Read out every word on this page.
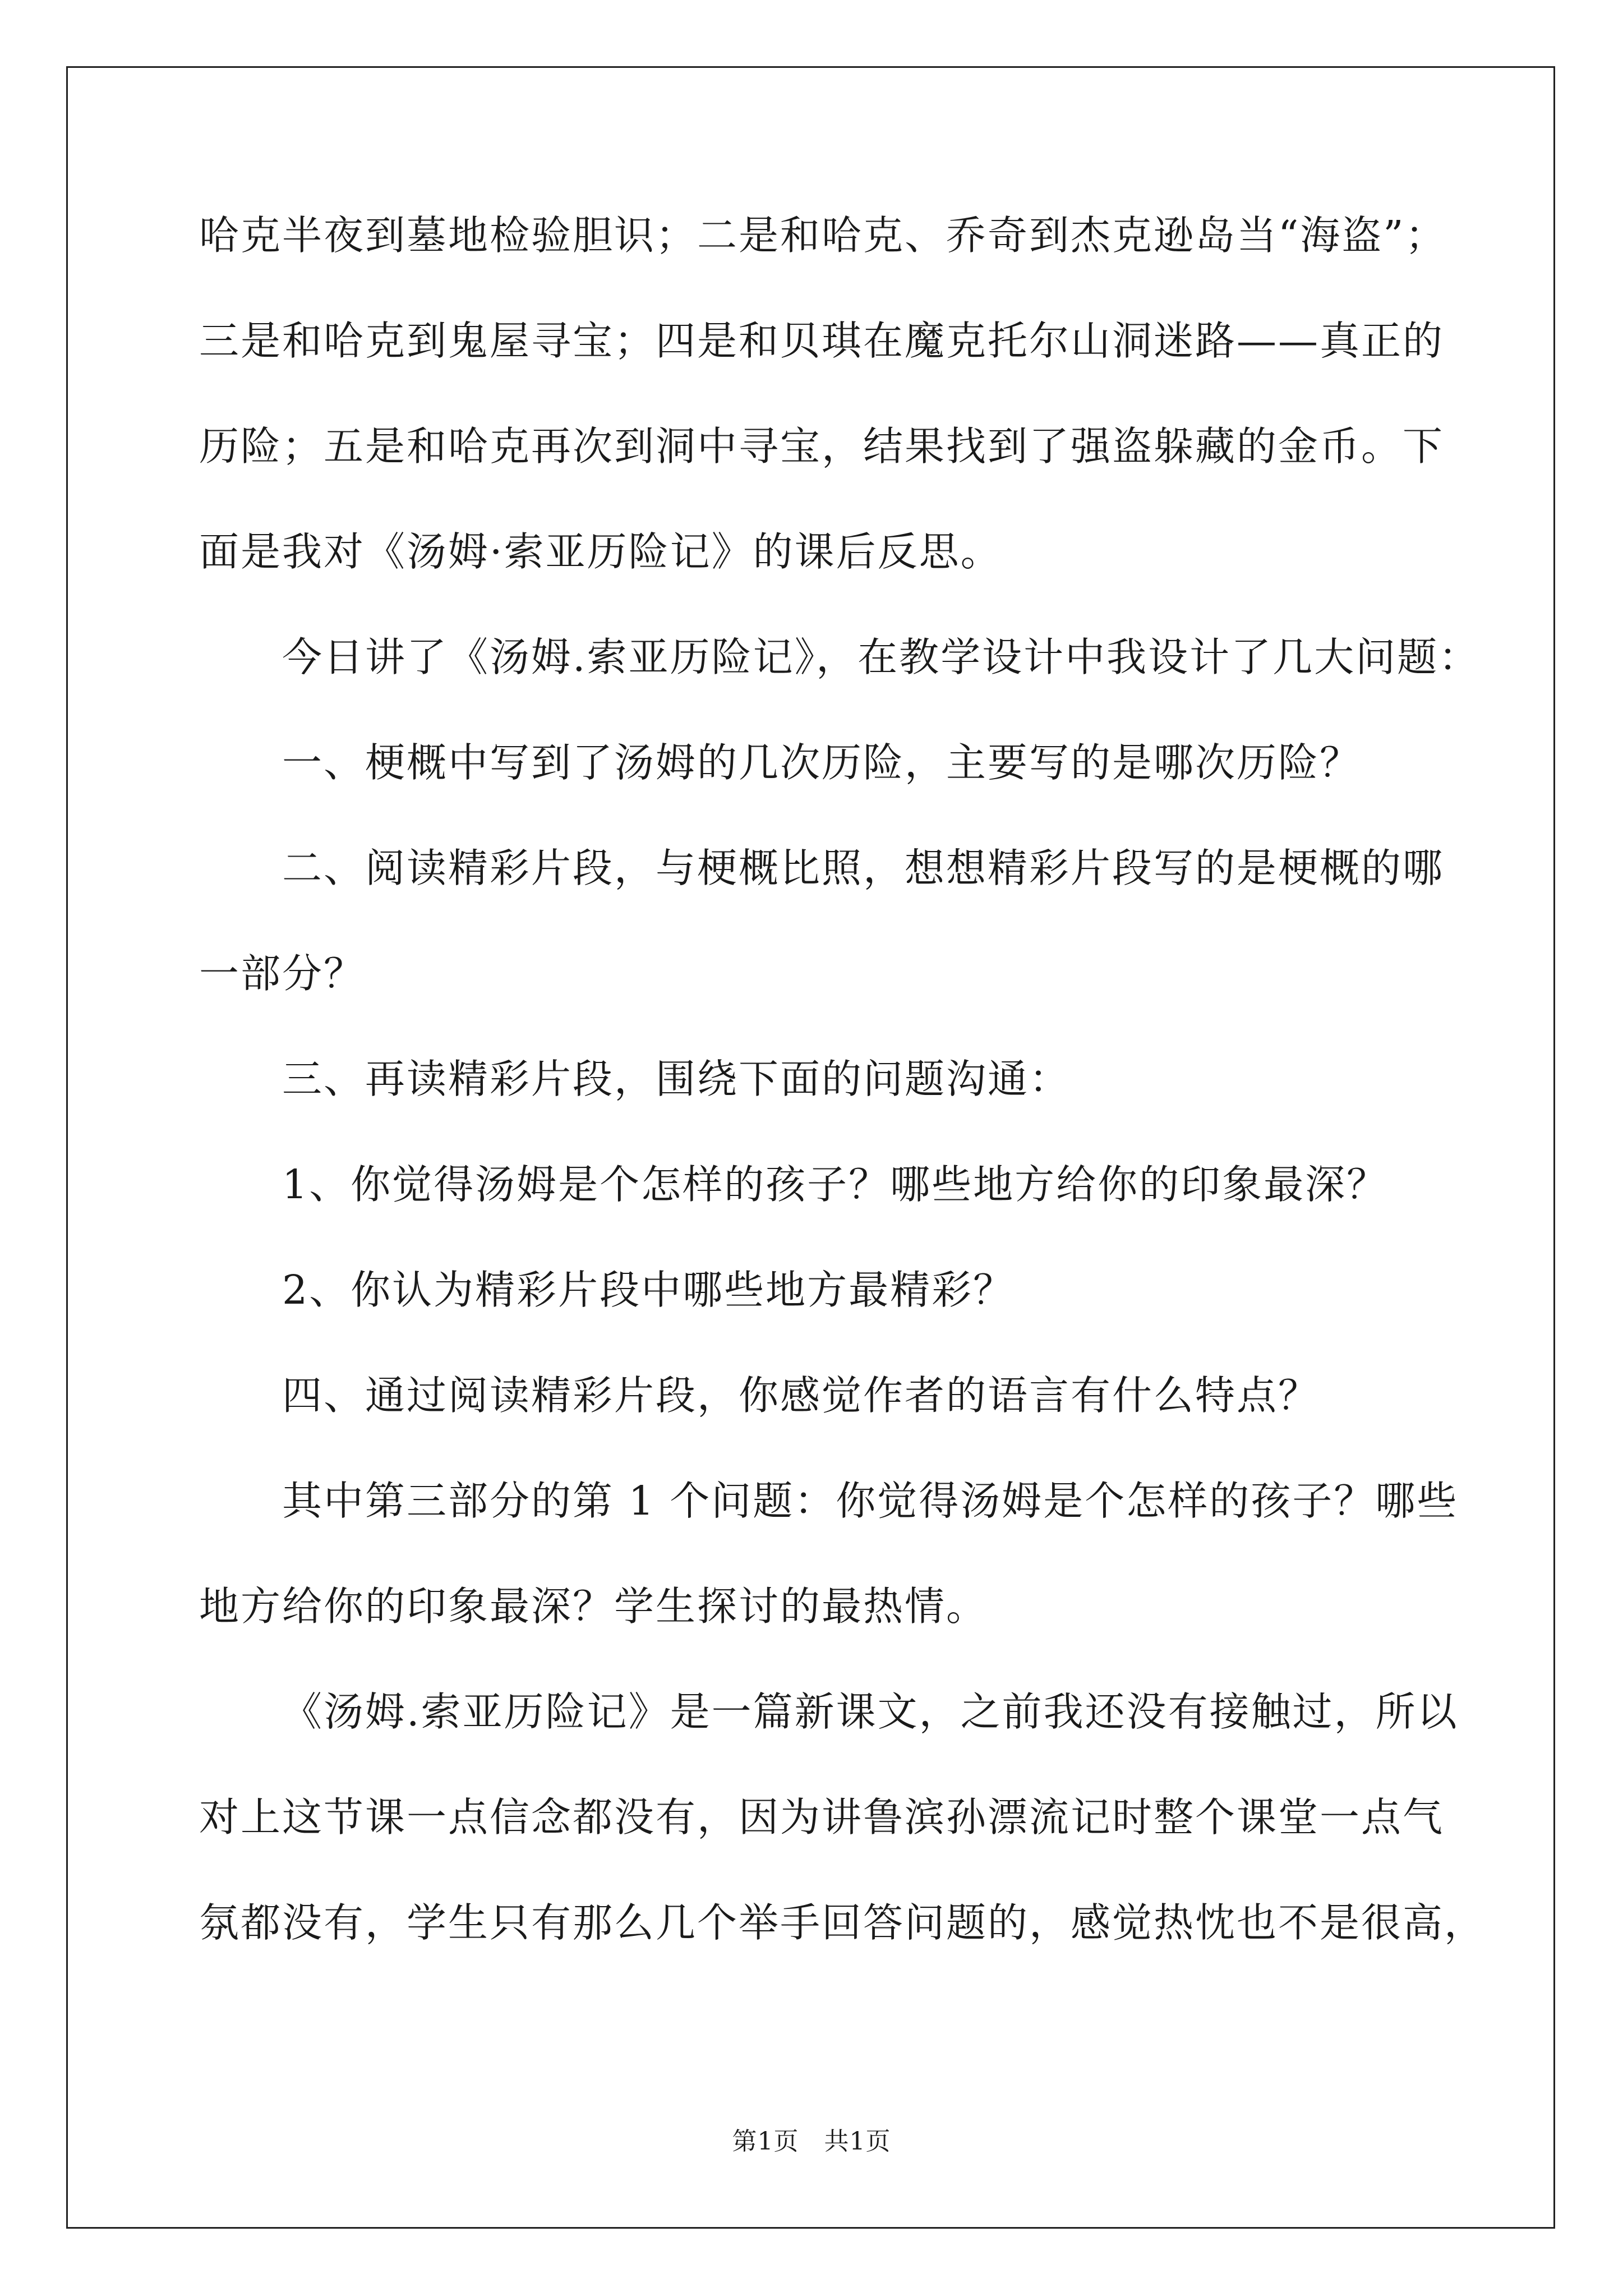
哈克半夜到墓地检验胆识；二是和哈克、乔奇到杰克逊岛当“海盗”；
三是和哈克到鬼屋寻宝；四是和贝琪在魔克托尔山洞迷路——真正的
历险；五是和哈克再次到洞中寻宝，结果找到了强盗躲藏的金币。下
面是我对《汤姆·索亚历险记》的课后反思。
今日讲了《汤姆.索亚历险记》，在教学设计中我设计了几大问题：
一、梗概中写到了汤姆的几次历险，主要写的是哪次历险？
二、阅读精彩片段，与梗概比照，想想精彩片段写的是梗概的哪
一部分？
三、再读精彩片段，围绕下面的问题沟通：
1、你觉得汤姆是个怎样的孩子？哪些地方给你的印象最深？
2、你认为精彩片段中哪些地方最精彩？
四、通过阅读精彩片段，你感觉作者的语言有什么特点？
其中第三部分的第 1 个问题：你觉得汤姆是个怎样的孩子？哪些
地方给你的印象最深？学生探讨的最热情。
《汤姆.索亚历险记》是一篇新课文，之前我还没有接触过，所以
对上这节课一点信念都没有，因为讲鲁滨孙漂流记时整个课堂一点气
氛都没有，学生只有那么几个举手回答问题的，感觉热忱也不是很高，
第1页　共1页
